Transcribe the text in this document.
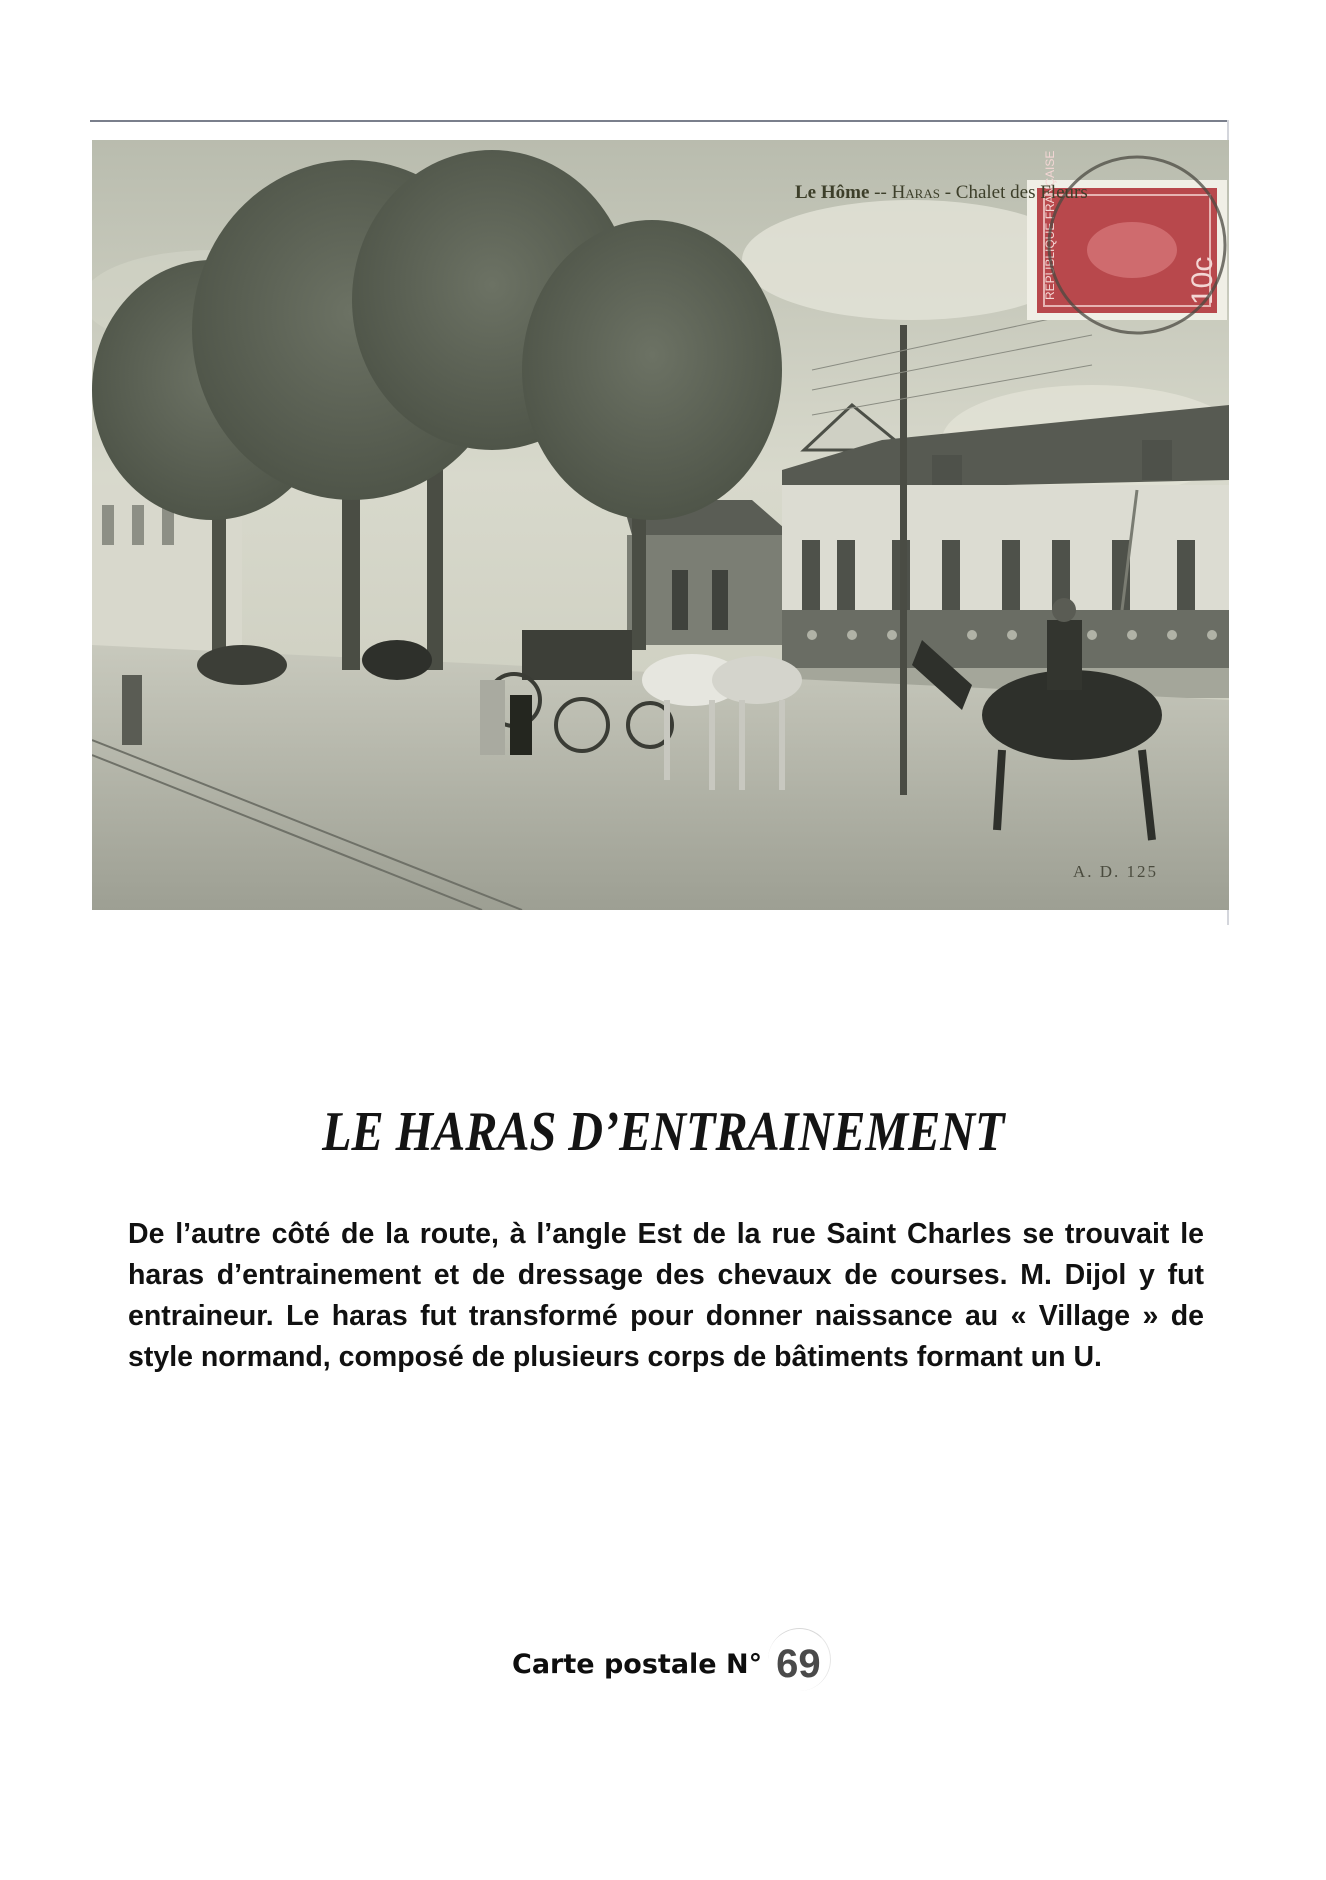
REPUBLIQUE FRANÇAISE	10c
Le Hôme -- Haras - Chalet des Fleurs
A. D. 125
LE HARAS D’ENTRAINEMENT

De l’autre côté de la route, à l’angle Est de la rue Saint Charles se trouvait le haras d’entrainement et de dressage des chevaux de courses. M. Dijol y fut entraineur. Le haras fut transformé pour donner naissance au « Village » de style normand, composé de plusieurs corps de bâtiments formant un U.

Carte postale N° 69
